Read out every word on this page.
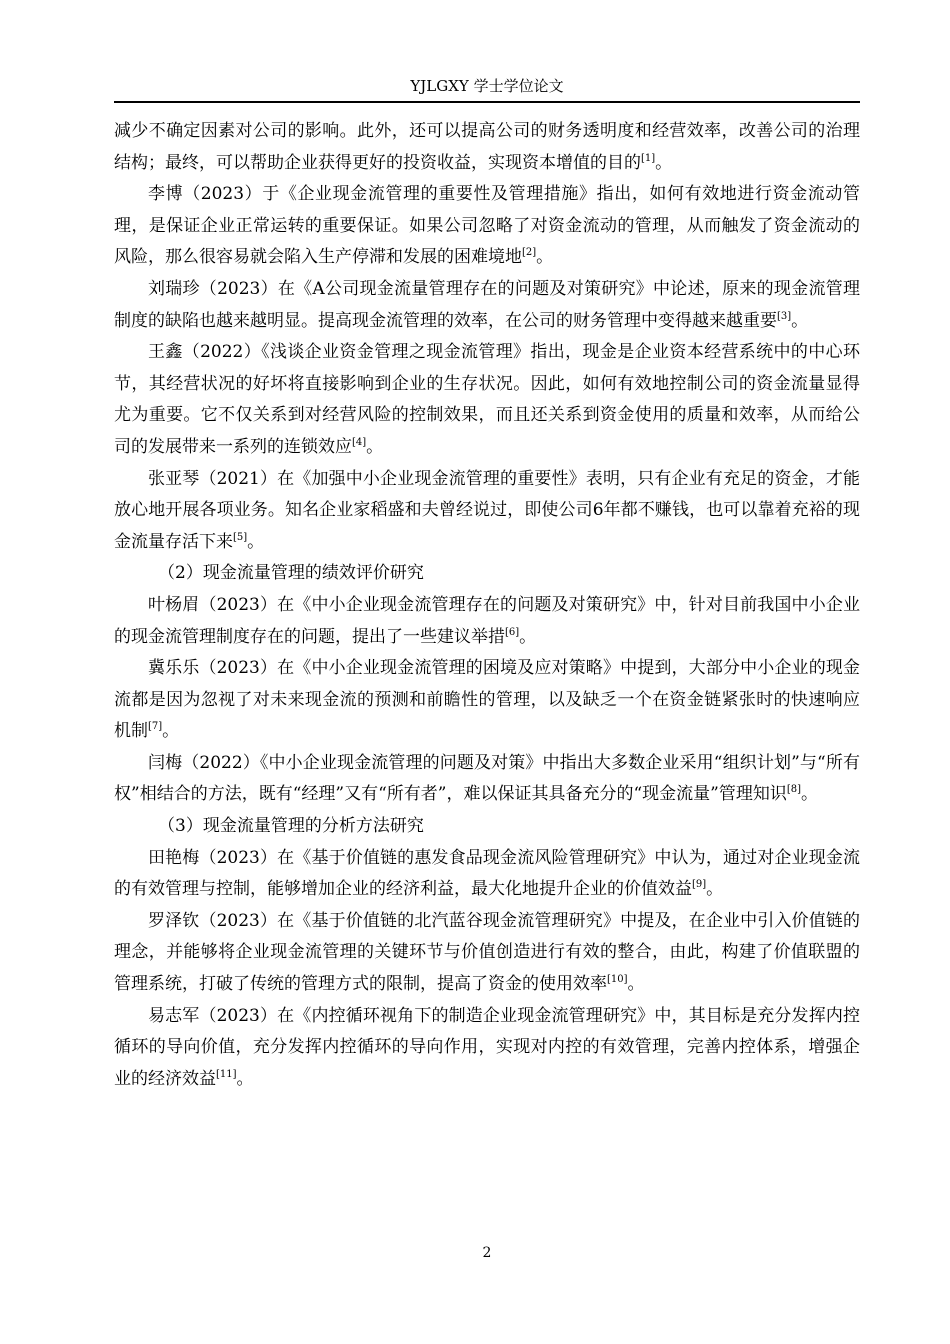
YJLGXY 学士学位论文

减少不确定因素对公司的影响。此外，还可以提高公司的财务透明度和经营效率，改善公司的治理结构；最终，可以帮助企业获得更好的投资收益，实现资本增值的目的[1]。

李博（2023）于《企业现金流管理的重要性及管理措施》指出，如何有效地进行资金流动管理，是保证企业正常运转的重要保证。如果公司忽略了对资金流动的管理，从而触发了资金流动的风险，那么很容易就会陷入生产停滞和发展的困难境地[2]。

刘瑞珍（2023）在《A公司现金流量管理存在的问题及对策研究》中论述，原来的现金流管理制度的缺陷也越来越明显。提高现金流管理的效率，在公司的财务管理中变得越来越重要[3]。

王鑫（2022）《浅谈企业资金管理之现金流管理》指出，现金是企业资本经营系统中的中心环节，其经营状况的好坏将直接影响到企业的生存状况。因此，如何有效地控制公司的资金流量显得尤为重要。它不仅关系到对经营风险的控制效果，而且还关系到资金使用的质量和效率，从而给公司的发展带来一系列的连锁效应[4]。

张亚琴（2021）在《加强中小企业现金流管理的重要性》表明，只有企业有充足的资金，才能放心地开展各项业务。知名企业家稻盛和夫曾经说过，即使公司6年都不赚钱，也可以靠着充裕的现金流量存活下来[5]。

（2）现金流量管理的绩效评价研究

叶杨眉（2023）在《中小企业现金流管理存在的问题及对策研究》中，针对目前我国中小企业的现金流管理制度存在的问题，提出了一些建议举措[6]。

冀乐乐（2023）在《中小企业现金流管理的困境及应对策略》中提到，大部分中小企业的现金流都是因为忽视了对未来现金流的预测和前瞻性的管理，以及缺乏一个在资金链紧张时的快速响应机制[7]。

闫梅（2022）《中小企业现金流管理的问题及对策》中指出大多数企业采用“组织计划”与“所有权”相结合的方法，既有“经理”又有“所有者”，难以保证其具备充分的“现金流量”管理知识[8]。

（3）现金流量管理的分析方法研究

田艳梅（2023）在《基于价值链的惠发食品现金流风险管理研究》中认为，通过对企业现金流的有效管理与控制，能够增加企业的经济利益，最大化地提升企业的价值效益[9]。

罗泽钦（2023）在《基于价值链的北汽蓝谷现金流管理研究》中提及，在企业中引入价值链的理念，并能够将企业现金流管理的关键环节与价值创造进行有效的整合，由此，构建了价值联盟的管理系统，打破了传统的管理方式的限制，提高了资金的使用效率[10]。

易志军（2023）在《内控循环视角下的制造企业现金流管理研究》中，其目标是充分发挥内控循环的导向价值，充分发挥内控循环的导向作用，实现对内控的有效管理，完善内控体系，增强企业的经济效益[11]。

2
